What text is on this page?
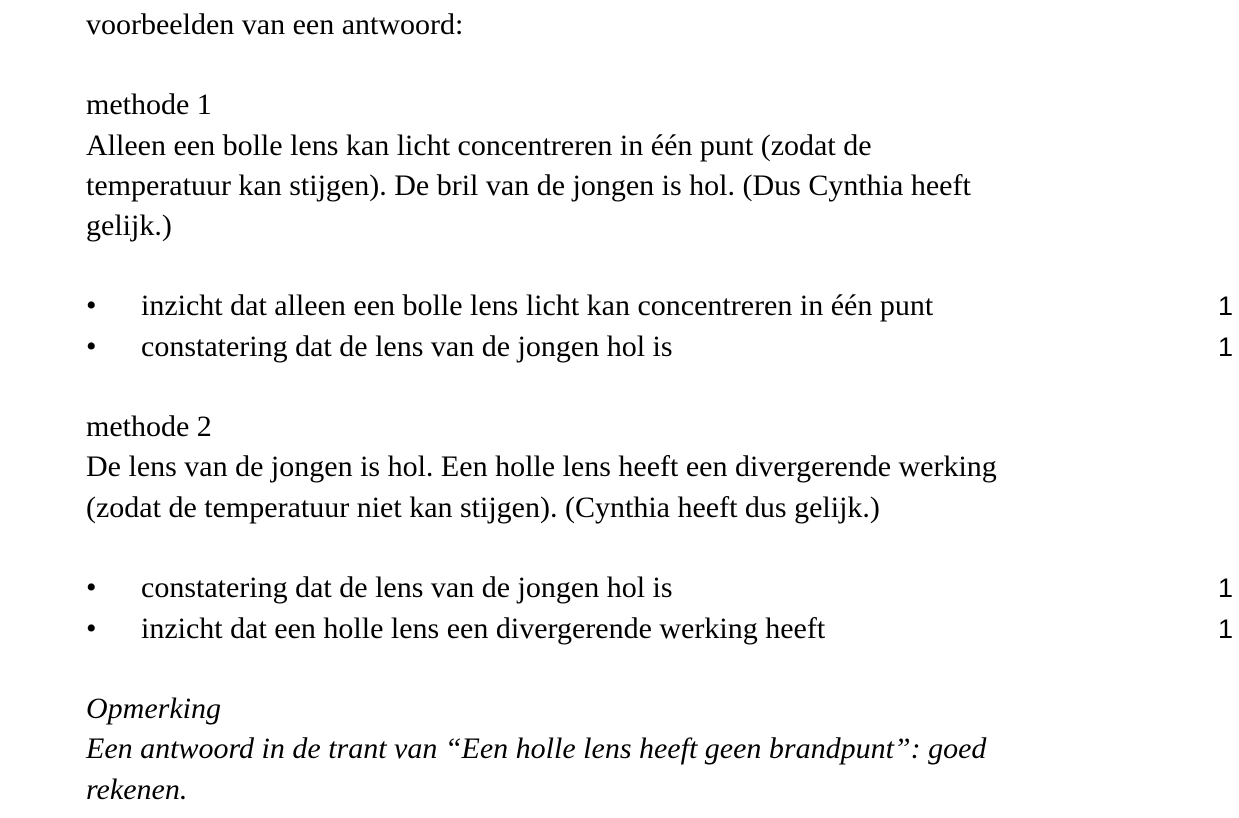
voorbeelden van een antwoord:
methode 1
Alleen een bolle lens kan licht concentreren in één punt (zodat de
temperatuur kan stijgen). De bril van de jongen is hol. (Dus Cynthia heeft
gelijk.)
• inzicht dat alleen een bolle lens licht kan concentreren in één punt	1
• constatering dat de lens van de jongen hol is	1
methode 2
De lens van de jongen is hol. Een holle lens heeft een divergerende werking
(zodat de temperatuur niet kan stijgen). (Cynthia heeft dus gelijk.)
• constatering dat de lens van de jongen hol is	1
• inzicht dat een holle lens een divergerende werking heeft	1
Opmerking
Een antwoord in de trant van “Een holle lens heeft geen brandpunt”: goed
rekenen.
